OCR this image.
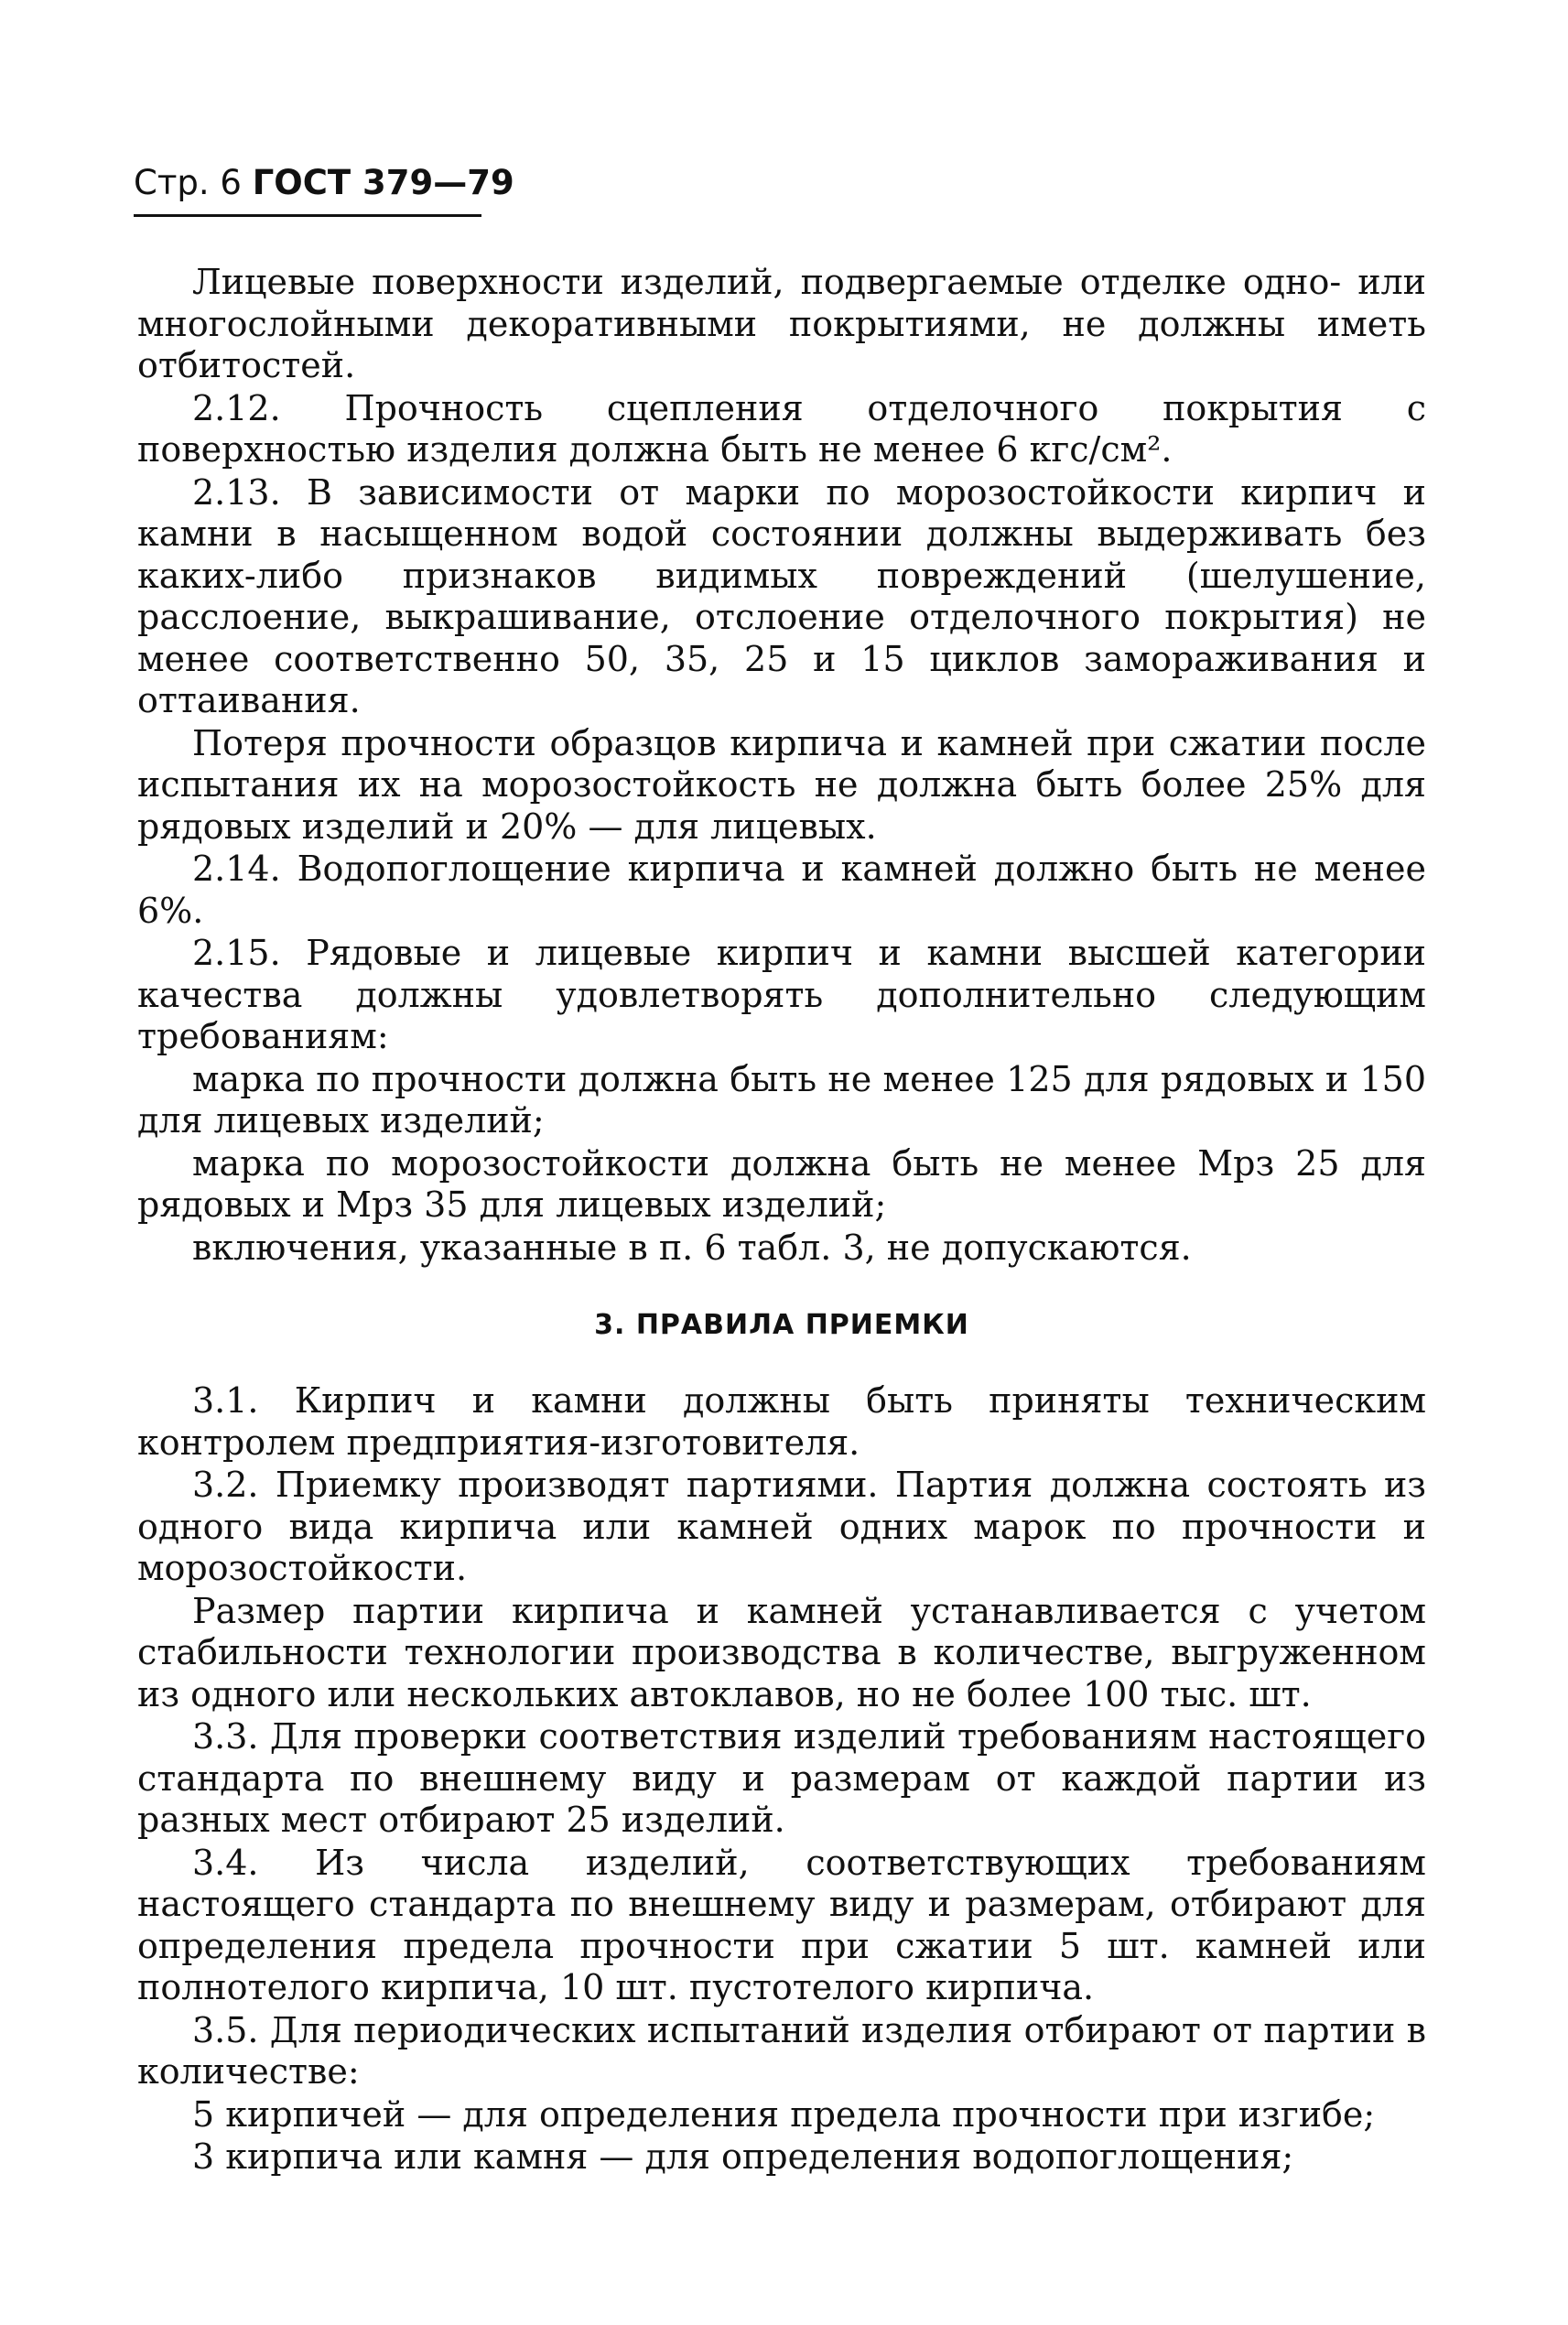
Стр. 6 ГОСТ 379—79

Лицевые поверхности изделий, подвергаемые отделке одно- или многослойными декоративными покрытиями, не должны иметь отбитостей.

2.12. Прочность сцепления отделочного покрытия с поверхностью изделия должна быть не менее 6 кгс/см².

2.13. В зависимости от марки по морозостойкости кирпич и камни в насыщенном водой состоянии должны выдерживать без каких-либо признаков видимых повреждений (шелушение, расслоение, выкрашивание, отслоение отделочного покрытия) не менее соответственно 50, 35, 25 и 15 циклов замораживания и оттаивания.

Потеря прочности образцов кирпича и камней при сжатии после испытания их на морозостойкость не должна быть более 25% для рядовых изделий и 20% — для лицевых.

2.14. Водопоглощение кирпича и камней должно быть не менее 6%.

2.15. Рядовые и лицевые кирпич и камни высшей категории качества должны удовлетворять дополнительно следующим требованиям:

марка по прочности должна быть не менее 125 для рядовых и 150 для лицевых изделий;

марка по морозостойкости должна быть не менее Мрз 25 для рядовых и Мрз 35 для лицевых изделий;

включения, указанные в п. 6 табл. 3, не допускаются.

3. ПРАВИЛА ПРИЕМКИ

3.1. Кирпич и камни должны быть приняты техническим контролем предприятия-изготовителя.

3.2. Приемку производят партиями. Партия должна состоять из одного вида кирпича или камней одних марок по прочности и морозостойкости.

Размер партии кирпича и камней устанавливается с учетом стабильности технологии производства в количестве, выгруженном из одного или нескольких автоклавов, но не более 100 тыс. шт.

3.3. Для проверки соответствия изделий требованиям настоящего стандарта по внешнему виду и размерам от каждой партии из разных мест отбирают 25 изделий.

3.4. Из числа изделий, соответствующих требованиям настоящего стандарта по внешнему виду и размерам, отбирают для определения предела прочности при сжатии 5 шт. камней или полнотелого кирпича, 10 шт. пустотелого кирпича.

3.5. Для периодических испытаний изделия отбирают от партии в количестве:

5 кирпичей — для определения предела прочности при изгибе;

3 кирпича или камня — для определения водопоглощения;
